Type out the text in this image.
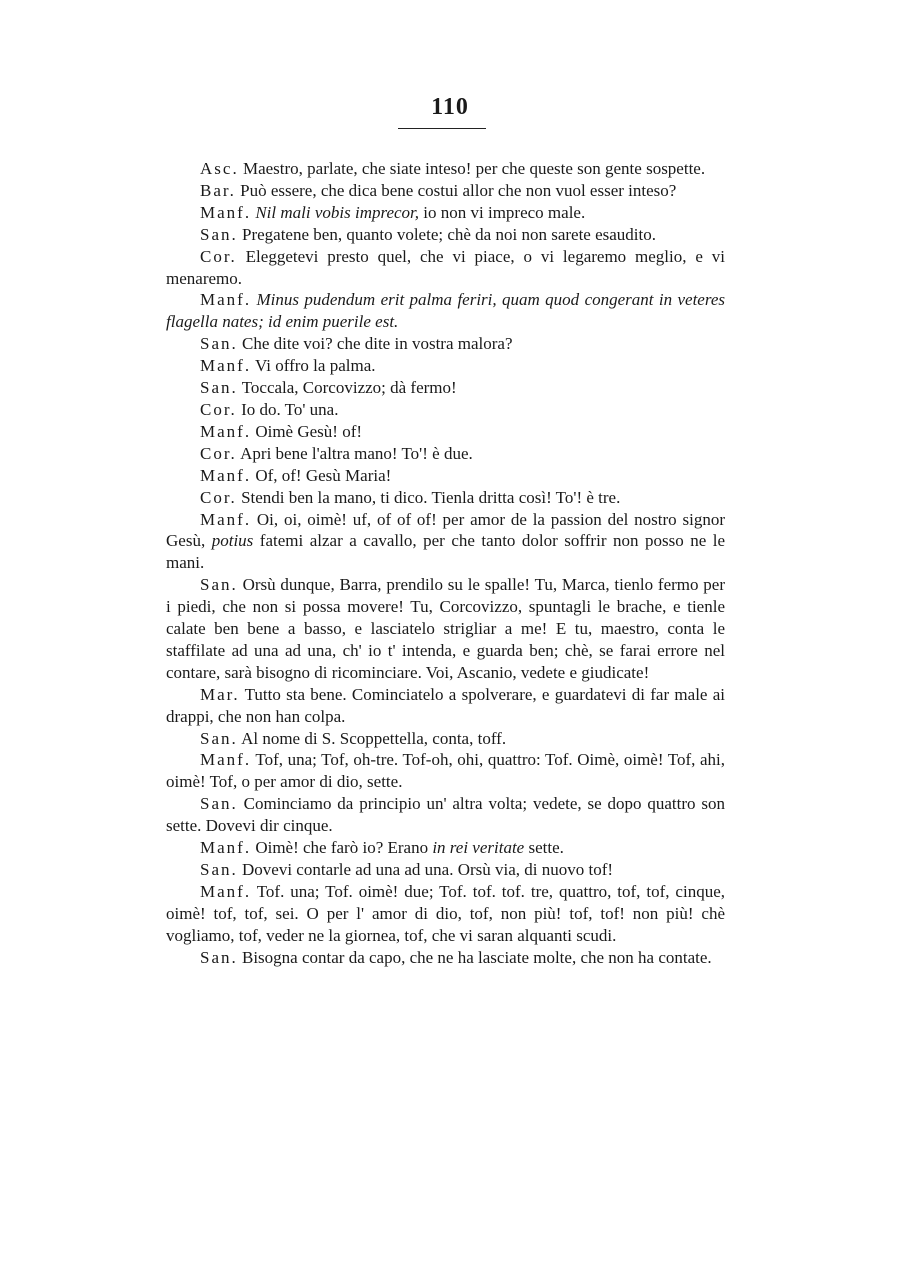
110

Asc. Maestro, parlate, che siate inteso! per che queste son gente sospette.

Bar. Può essere, che dica bene costui allor che non vuol esser inteso?

Manf. Nil mali vobis imprecor, io non vi impreco male.

San. Pregatene ben, quanto volete; chè da noi non sarete esaudito.

Cor. Eleggetevi presto quel, che vi piace, o vi legaremo meglio, e vi menaremo.

Manf. Minus pudendum erit palma feriri, quam quod congerant in veteres flagella nates; id enim puerile est.

San. Che dite voi? che dite in vostra malora?

Manf. Vi offro la palma.

San. Toccala, Corcovizzo; dà fermo!

Cor. Io do. To' una.

Manf. Oimè Gesù! of!

Cor. Apri bene l'altra mano! To'! è due.

Manf. Of, of! Gesù Maria!

Cor. Stendi ben la mano, ti dico. Tienla dritta così! To'! è tre.

Manf. Oi, oi, oimè! uf, of of of! per amor de la passion del nostro signor Gesù, potius fatemi alzar a cavallo, per che tanto dolor soffrir non posso ne le mani.

San. Orsù dunque, Barra, prendilo su le spalle! Tu, Marca, tienlo fermo per i piedi, che non si possa movere! Tu, Corcovizzo, spuntagli le brache, e tienle calate ben bene a basso, e lasciatelo strigliar a me! E tu, maestro, conta le staffilate ad una ad una, ch' io t' intenda, e guarda ben; chè, se farai errore nel contare, sarà bisogno di ricominciare. Voi, Ascanio, vedete e giudicate!

Mar. Tutto sta bene. Cominciatelo a spolverare, e guardatevi di far male ai drappi, che non han colpa.

San. Al nome di S. Scoppettella, conta, toff.

Manf. Tof, una; Tof, oh-tre. Tof-oh, ohi, quattro: Tof. Oimè, oimè! Tof, ahi, oimè! Tof, o per amor di dio, sette.

San. Cominciamo da principio un' altra volta; vedete, se dopo quattro son sette. Dovevi dir cinque.

Manf. Oimè! che farò io? Erano in rei veritate sette.

San. Dovevi contarle ad una ad una. Orsù via, di nuovo tof!

Manf. Tof. una; Tof. oimè! due; Tof. tof. tof. tre, quattro, tof, tof, cinque, oimè! tof, tof, sei. O per l' amor di dio, tof, non più! tof, tof! non più! chè vogliamo, tof, veder ne la giornea, tof, che vi saran alquanti scudi.

San. Bisogna contar da capo, che ne ha lasciate molte, che non ha contate.
